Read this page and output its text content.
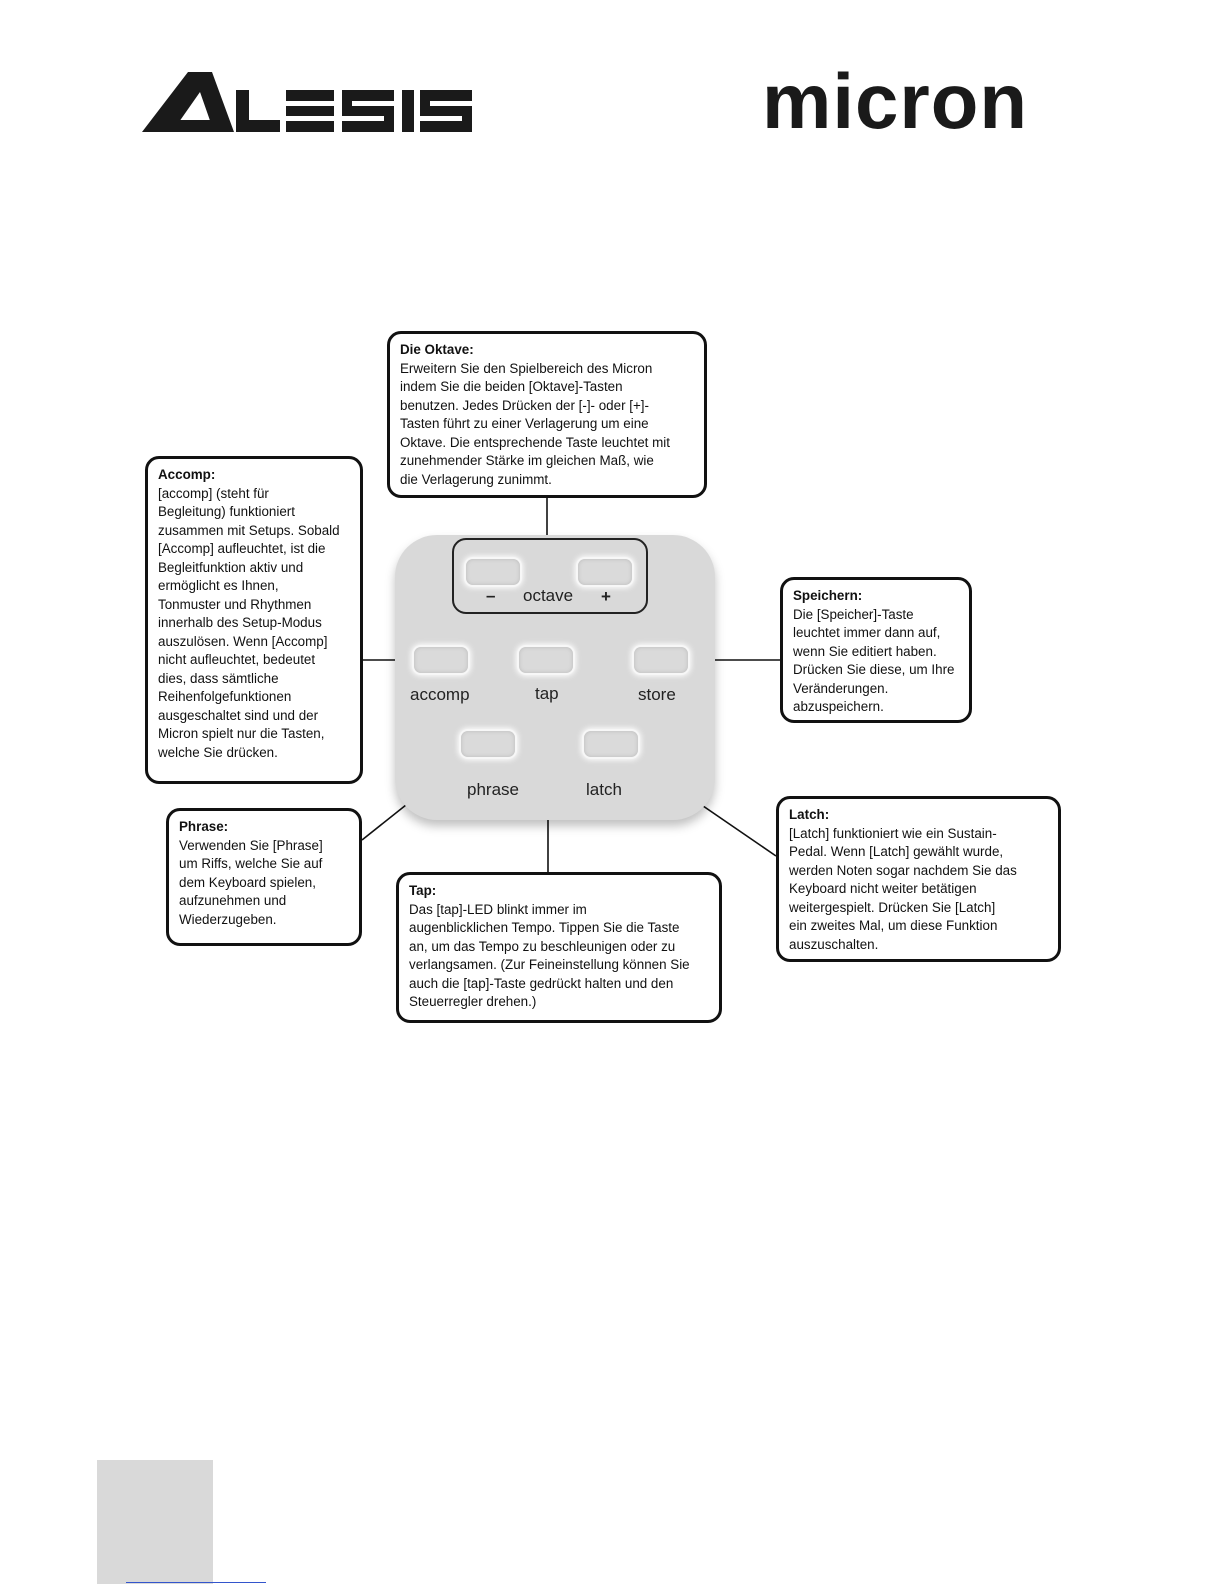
micron
– octave +
accomp	tap	store
phrase	latch
Die Oktave:
Erweitern Sie den Spielbereich des Micron
indem Sie die beiden [Oktave]-Tasten
benutzen. Jedes Drücken der [-]- oder [+]-
Tasten führt zu einer Verlagerung um eine
Oktave. Die entsprechende Taste leuchtet mit
zunehmender Stärke im gleichen Maß, wie
die Verlagerung zunimmt.
Accomp:
[accomp] (steht für
Begleitung) funktioniert
zusammen mit Setups. Sobald
[Accomp] aufleuchtet, ist die
Begleitfunktion aktiv und
ermöglicht es Ihnen,
Tonmuster und Rhythmen
innerhalb des Setup-Modus
auszulösen. Wenn [Accomp]
nicht aufleuchtet, bedeutet
dies, dass sämtliche
Reihenfolgefunktionen
ausgeschaltet sind und der
Micron spielt nur die Tasten,
welche Sie drücken.
Speichern:
Die [Speicher]-Taste
leuchtet immer dann auf,
wenn Sie editiert haben.
Drücken Sie diese, um Ihre
Veränderungen.
abzuspeichern.
Phrase:
Verwenden Sie [Phrase]
um Riffs, welche Sie auf
dem Keyboard spielen,
aufzunehmen und
Wiederzugeben.
Tap:
Das [tap]-LED blinkt immer im
augenblicklichen Tempo. Tippen Sie die Taste
an, um das Tempo zu beschleunigen oder zu
verlangsamen. (Zur Feineinstellung können Sie
auch die [tap]-Taste gedrückt halten und den
Steuerregler drehen.)
Latch:
[Latch] funktioniert wie ein Sustain-
Pedal. Wenn [Latch] gewählt wurde,
werden Noten sogar nachdem Sie das
Keyboard nicht weiter betätigen
weitergespielt. Drücken Sie [Latch]
ein zweites Mal, um diese Funktion
auszuschalten.
